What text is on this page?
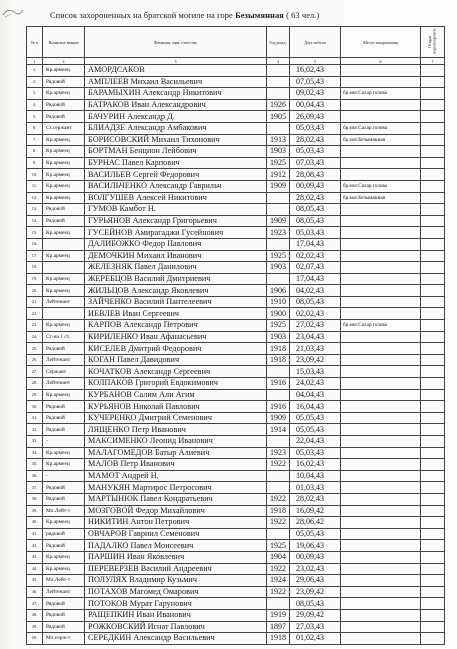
Список захороненных на братской могиле на горе Безымянная ( 63 чел.)
№ п	Воинское звание	Фамилия, имя, отчество	Год рожд.	Дата гибели	Место захоронения	Откуда перезахоронен
1	2	3	4	5	6	7
1.	Кр.армеец	АМОРДСАКОВ		16,02,43		
2.	Рядовой	АМПЛЕЕВ Михаил Васильевич		07,05,43		
3.	Кр.армеец	БАРАМЫХИН Александр Никитович		09,02,43	бр.мог.Сахар.голова	
4.	Рядовой	БАТРАКОВ Иван Александрович	1926	00,04,43		
5.	Рядовой	БАЧУРИН Александр Д.	1905	26,09,43		
6.	Ст.сержант	БЛИАДЗЕ Александр Амбакович		05,03,43	бр.мог.Сахар.голова	
7.	Кр.армеец	БОРИСОВСКИЙ Михаил Тихонович	1913	28,02,43	бр.мог.Безымянная	
8.	Кр.армеец	БОРТМАН Бенцион Лейбович	1903	05,03,43		
9.	Кр.армеец	БУРНАС Павел Карпович	1925	07,03,43		
10.	Кр.армеец	ВАСИЛЬЕВ Сергей Федорович	1912	28,08,43		
11.	Кр.армеец	ВАСИЛЬЧЕНКО Александр Гаврильч	1909	00,09,43	бр.мог.Сахар.голова	
12.	Кр.армеец	ВОЛГУШЕВ Алексей Никитович		28,02,43	бр.мог.Безымянная	
13.	Рядовой	ГУМОВ Камбот Н.		08,05,43		
14.	Рядовой	ГУРЬЯНОВ Александр Григорьевич	1909	08,05,43		
15.	Кр.армеец	ГУСЕЙНОВ Амирагаджи Гусейнович	1923	05,03,43		
16.		ДАЛИБОЖКО Федор Павлович		17,04,43		
17.	Кр.армеец	ДЕМОЧКИН Михаил Иванович	1925	02,02,43		
18.		ЖЕЛЕЗНЯК Павел Данилович	1903	02,07,43		
19.	Кр.армеец	ЖЕРЕБЦОВ Василий Дмитриевич		17,04,43		
20.	Кр.армеец	ЖИЛЬЦОВ Александр Яковлевич	1906	04,02,43		
21.	Лейтенант	ЗАЙЧЕНКО Василий Пантелеевич	1910	08,05,43		
22.		ИЕВЛЕВ Иван Сергеевич	1900	02,02,43		
23.	Кр.армеец	КАРПОВ Александр Петрович	1925	27,02,43	бр.мог.Сахар.голова	
24.	Ст-на 1 ст.	КИРИЛЕНКО Иван Афанасьевич	1903	23,04,43		
25.	Рядовой	КИСЕЛЕВ Дмитрий Федорович	1918	21,03,43		
26.	Лейтенант	КОГАН Павел Давидович	1918	23,09,42		
27.	Сержант	КОЧАТКОВ Александр Сергеевич		15,03,43		
28.	Лейтенант	КОЛПАКОВ Григорий Евдокимович	1916	24,02,43		
29.	Кр.армеец	КУРБАНОВ Салим Али Агим		04,04,43		
30.	Рядовой	КУРЬЯНОВ Николай Павлович	1916	16,04,43		
31.	Рядовой	КУЧЕРЕНКО Дмитрий Семенович	1909	05,05,43		
32.	Рядовой	ЛЯЩЕНКО Петр Иванович	1914	05,05,43		
33.	-	МАКСИМЕНКО Леонид Иванович		22,04,43		
34.	Кр.армеец	МАЛАГОМЕДОВ Батыр Алиевич	1923	05,03,43		
35.	Кр.армеец	МАЛОВ Петр Иванович	1922	16,02,43		
36.	-	МАМОТ Андрей Н.		10,04,43		
37.	Рядовой	МАНУКЯН Мартирос Петросович		01,03,43		
38.	Рядовой	МАРТЫНЮК Павел Кондратьевич	1922	28,02,43		
39.	Мл.Лейт-т	МОЗГОВОЙ Федор Михайлович	1918	16,09,42		
40.	Кр.армеец	НИКИТИН Антон Петрович	1922	28,06,42		
41.	рядовой	ОВЧАРОВ Гавриил Семенович		05,05,43		
42.	Рядовой	ПАДАЛКО Павел Моисеевич	1925	19,06,43		
43.	Кр.армеец	ПАРШИН Иван Яковлевич	1904	00,09,43		
44.	Кр.армеец	ПЕРЕВЕРЗЕВ Василий Андреевич	1922	23,02,43		
45.	Мл.Лейт-т	ПОЛУЛЯХ Владимир Кузьмич	1924	29,06,43		
46.	Лейтенант	ПОТАХОВ Магомед Омарович	1922	23,09,42		
47.	Рядовой	ПОТОКОВ Мурат Гарунович		08,05,43		
48.	Рядовой	РАЩЕПКИН Иван Иванович	1919	29,09,42		
49.	Рядовой	РОЖКОВСКИЙ Игнат Павлович	1897	27,03,43		
50.	Мл.серж-т	СЕРЕДКИН Александр Васильевич	1918	01,02,43		
